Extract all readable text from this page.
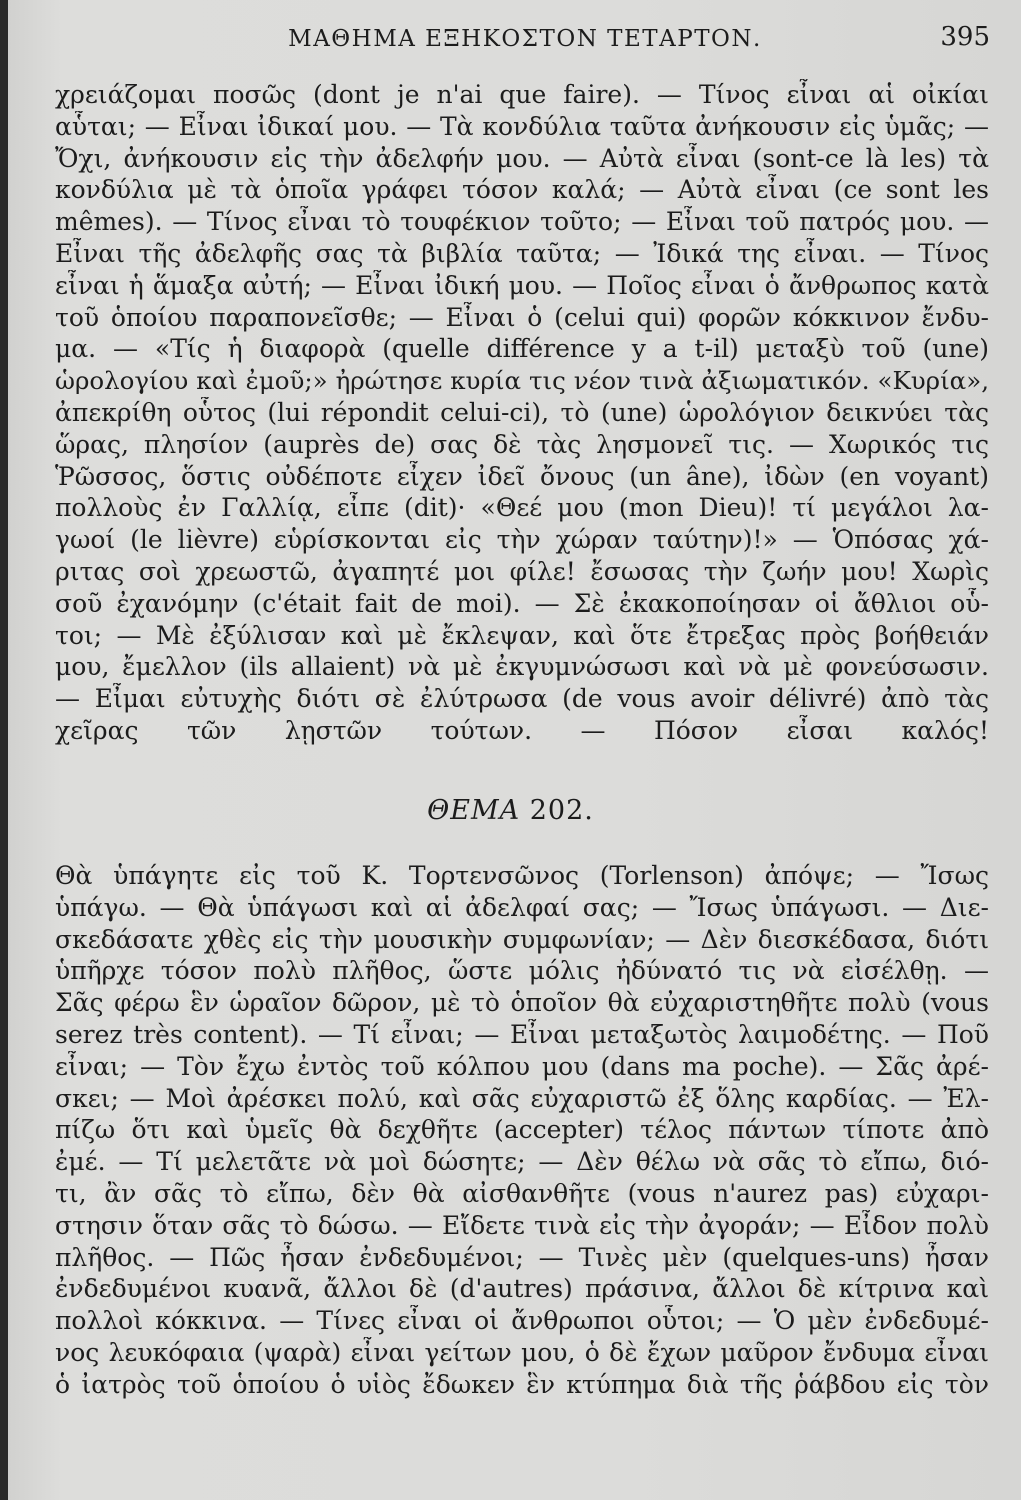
ΜΑΘΗΜΑ ΕΞΗΚΟΣΤΟΝ ΤΕΤΑΡΤΟΝ.	395
χρειάζομαι ποσῶς (dont je n'ai que faire). — Τίνος εἶναι αἱ οἰκίαι
αὗται; — Εἶναι ἰδικαί μου. — Τὰ κονδύλια ταῦτα ἀνήκουσιν εἰς ὑμᾶς; —
Ὄχι, ἀνήκουσιν εἰς τὴν ἀδελφήν μου. — Αὐτὰ εἶναι (sont-ce là les) τὰ
κονδύλια μὲ τὰ ὁποῖα γράφει τόσον καλά; — Αὐτὰ εἶναι (ce sont les
mêmes). — Τίνος εἶναι τὸ τουφέκιον τοῦτο; — Εἶναι τοῦ πατρός μου. —
Εἶναι τῆς ἀδελφῆς σας τὰ βιβλία ταῦτα; — Ἰδικά της εἶναι. — Τίνος
εἶναι ἡ ἅμαξα αὐτή; — Εἶναι ἰδική μου. — Ποῖος εἶναι ὁ ἄνθρωπος κατὰ
τοῦ ὁποίου παραπονεῖσθε; — Εἶναι ὁ (celui qui) φορῶν κόκκινον ἔνδυ-
μα. — «Τίς ἡ διαφορὰ (quelle différence y a t-il) μεταξὺ τοῦ (une)
ὡρολογίου καὶ ἐμοῦ;» ἠρώτησε κυρία τις νέον τινὰ ἀξιωματικόν. «Κυρία»,
ἀπεκρίθη οὗτος (lui répondit celui-ci), τὸ (une) ὡρολόγιον δεικνύει τὰς
ὥρας, πλησίον (auprès de) σας δὲ τὰς λησμονεῖ τις. — Χωρικός τις
Ῥῶσσος, ὅστις οὐδέποτε εἶχεν ἰδεῖ ὄνους (un âne), ἰδὼν (en voyant)
πολλοὺς ἐν Γαλλίᾳ, εἶπε (dit)· «Θεέ μου (mon Dieu)! τί μεγάλοι λα-
γωοί (le lièvre) εὑρίσκονται εἰς τὴν χώραν ταύτην)!» — Ὁπόσας χά-
ριτας σοὶ χρεωστῶ, ἀγαπητέ μοι φίλε! ἔσωσας τὴν ζωήν μου! Χωρὶς
σοῦ ἐχανόμην (c'était fait de moi). — Σὲ ἐκακοποίησαν οἱ ἄθλιοι οὗ-
τοι; — Μὲ ἐξύλισαν καὶ μὲ ἔκλεψαν, καὶ ὅτε ἔτρεξας πρὸς βοήθειάν
μου, ἔμελλον (ils allaient) νὰ μὲ ἐκγυμνώσωσι καὶ νὰ μὲ φονεύσωσιν.
— Εἶμαι εὐτυχὴς διότι σὲ ἐλύτρωσα (de vous avoir délivré) ἀπὸ τὰς
χεῖρας τῶν λῃστῶν τούτων. — Πόσον εἶσαι καλός!
ΘΕΜΑ 202.
Θὰ ὑπάγητε εἰς τοῦ Κ. Τορτενσῶνος (Torlenson) ἀπόψε; — Ἴσως
ὑπάγω. — Θὰ ὑπάγωσι καὶ αἱ ἀδελφαί σας; — Ἴσως ὑπάγωσι. — Διε-
σκεδάσατε χθὲς εἰς τὴν μουσικὴν συμφωνίαν; — Δὲν διεσκέδασα, διότι
ὑπῆρχε τόσον πολὺ πλῆθος, ὥστε μόλις ἠδύνατό τις νὰ εἰσέλθῃ. —
Σᾶς φέρω ἓν ὡραῖον δῶρον, μὲ τὸ ὁποῖον θὰ εὐχαριστηθῆτε πολὺ (vous
serez très content). — Τί εἶναι; — Εἶναι μεταξωτὸς λαιμοδέτης. — Ποῦ
εἶναι; — Τὸν ἔχω ἐντὸς τοῦ κόλπου μου (dans ma poche). — Σᾶς ἀρέ-
σκει; — Μοὶ ἀρέσκει πολύ, καὶ σᾶς εὐχαριστῶ ἐξ ὅλης καρδίας. — Ἐλ-
πίζω ὅτι καὶ ὑμεῖς θὰ δεχθῆτε (accepter) τέλος πάντων τίποτε ἀπὸ
ἐμέ. — Τί μελετᾶτε νὰ μοὶ δώσητε; — Δὲν θέλω νὰ σᾶς τὸ εἴπω, διό-
τι, ἂν σᾶς τὸ εἴπω, δὲν θὰ αἰσθανθῆτε (vous n'aurez pas) εὐχαρι-
στησιν ὅταν σᾶς τὸ δώσω. — Εἴδετε τινὰ εἰς τὴν ἀγοράν; — Εἶδον πολὺ
πλῆθος. — Πῶς ἦσαν ἐνδεδυμένοι; — Τινὲς μὲν (quelques-uns) ἦσαν
ἐνδεδυμένοι κυανᾶ, ἄλλοι δὲ (d'autres) πράσινα, ἄλλοι δὲ κίτρινα καὶ
πολλοὶ κόκκινα. — Τίνες εἶναι οἱ ἄνθρωποι οὗτοι; — Ὁ μὲν ἐνδεδυμέ-
νος λευκόφαια (ψαρὰ) εἶναι γείτων μου, ὁ δὲ ἔχων μαῦρον ἔνδυμα εἶναι
ὁ ἰατρὸς τοῦ ὁποίου ὁ υἱὸς ἔδωκεν ἓν κτύπημα διὰ τῆς ῥάβδου εἰς τὸν
